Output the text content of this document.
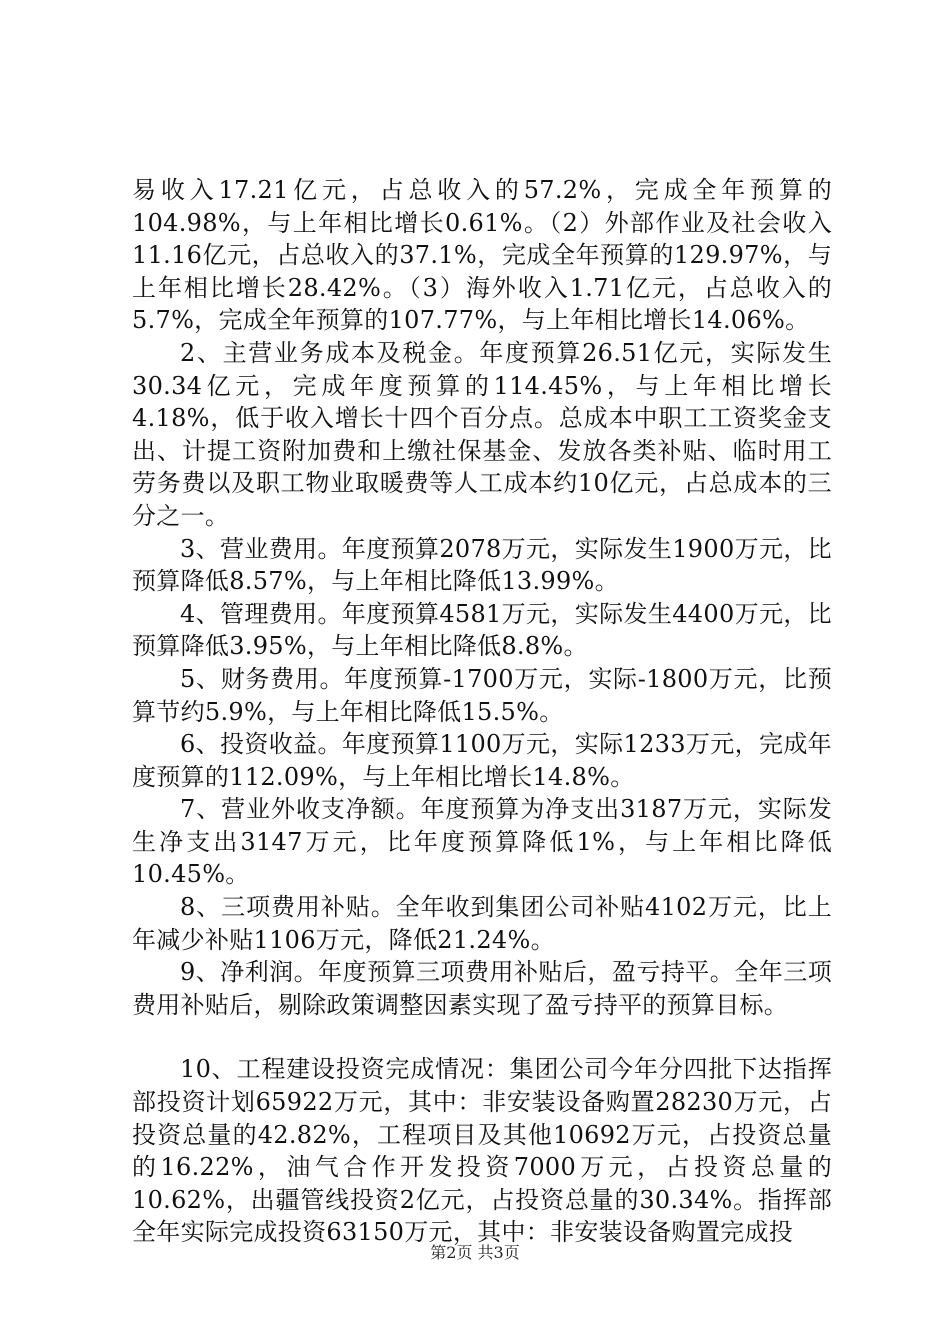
易收入17.21亿元，占总收入的57.2%，完成全年预算的104.98%，与上年相比增长0.61%。（2）外部作业及社会收入11.16亿元，占总收入的37.1%，完成全年预算的129.97%，与上年相比增长28.42%。（3）海外收入1.71亿元，占总收入的5.7%，完成全年预算的107.77%，与上年相比增长14.06%。

2、主营业务成本及税金。年度预算26.51亿元，实际发生30.34亿元，完成年度预算的114.45%，与上年相比增长4.18%，低于收入增长十四个百分点。总成本中职工工资奖金支出、计提工资附加费和上缴社保基金、发放各类补贴、临时用工劳务费以及职工物业取暖费等人工成本约10亿元，占总成本的三分之一。

3、营业费用。年度预算2078万元，实际发生1900万元，比预算降低8.57%，与上年相比降低13.99%。

4、管理费用。年度预算4581万元，实际发生4400万元，比预算降低3.95%，与上年相比降低8.8%。

5、财务费用。年度预算-1700万元，实际-1800万元，比预算节约5.9%，与上年相比降低15.5%。

6、投资收益。年度预算1100万元，实际1233万元，完成年度预算的112.09%，与上年相比增长14.8%。

7、营业外收支净额。年度预算为净支出3187万元，实际发生净支出3147万元，比年度预算降低1%，与上年相比降低10.45%。

8、三项费用补贴。全年收到集团公司补贴4102万元，比上年减少补贴1106万元，降低21.24%。

9、净利润。年度预算三项费用补贴后，盈亏持平。全年三项费用补贴后，剔除政策调整因素实现了盈亏持平的预算目标。

10、工程建设投资完成情况：集团公司今年分四批下达指挥部投资计划65922万元，其中：非安装设备购置28230万元，占投资总量的42.82%，工程项目及其他10692万元，占投资总量的16.22%，油气合作开发投资7000万元，占投资总量的10.62%，出疆管线投资2亿元，占投资总量的30.34%。指挥部全年实际完成投资63150万元，其中：非安装设备购置完成投

第2页 共3页
